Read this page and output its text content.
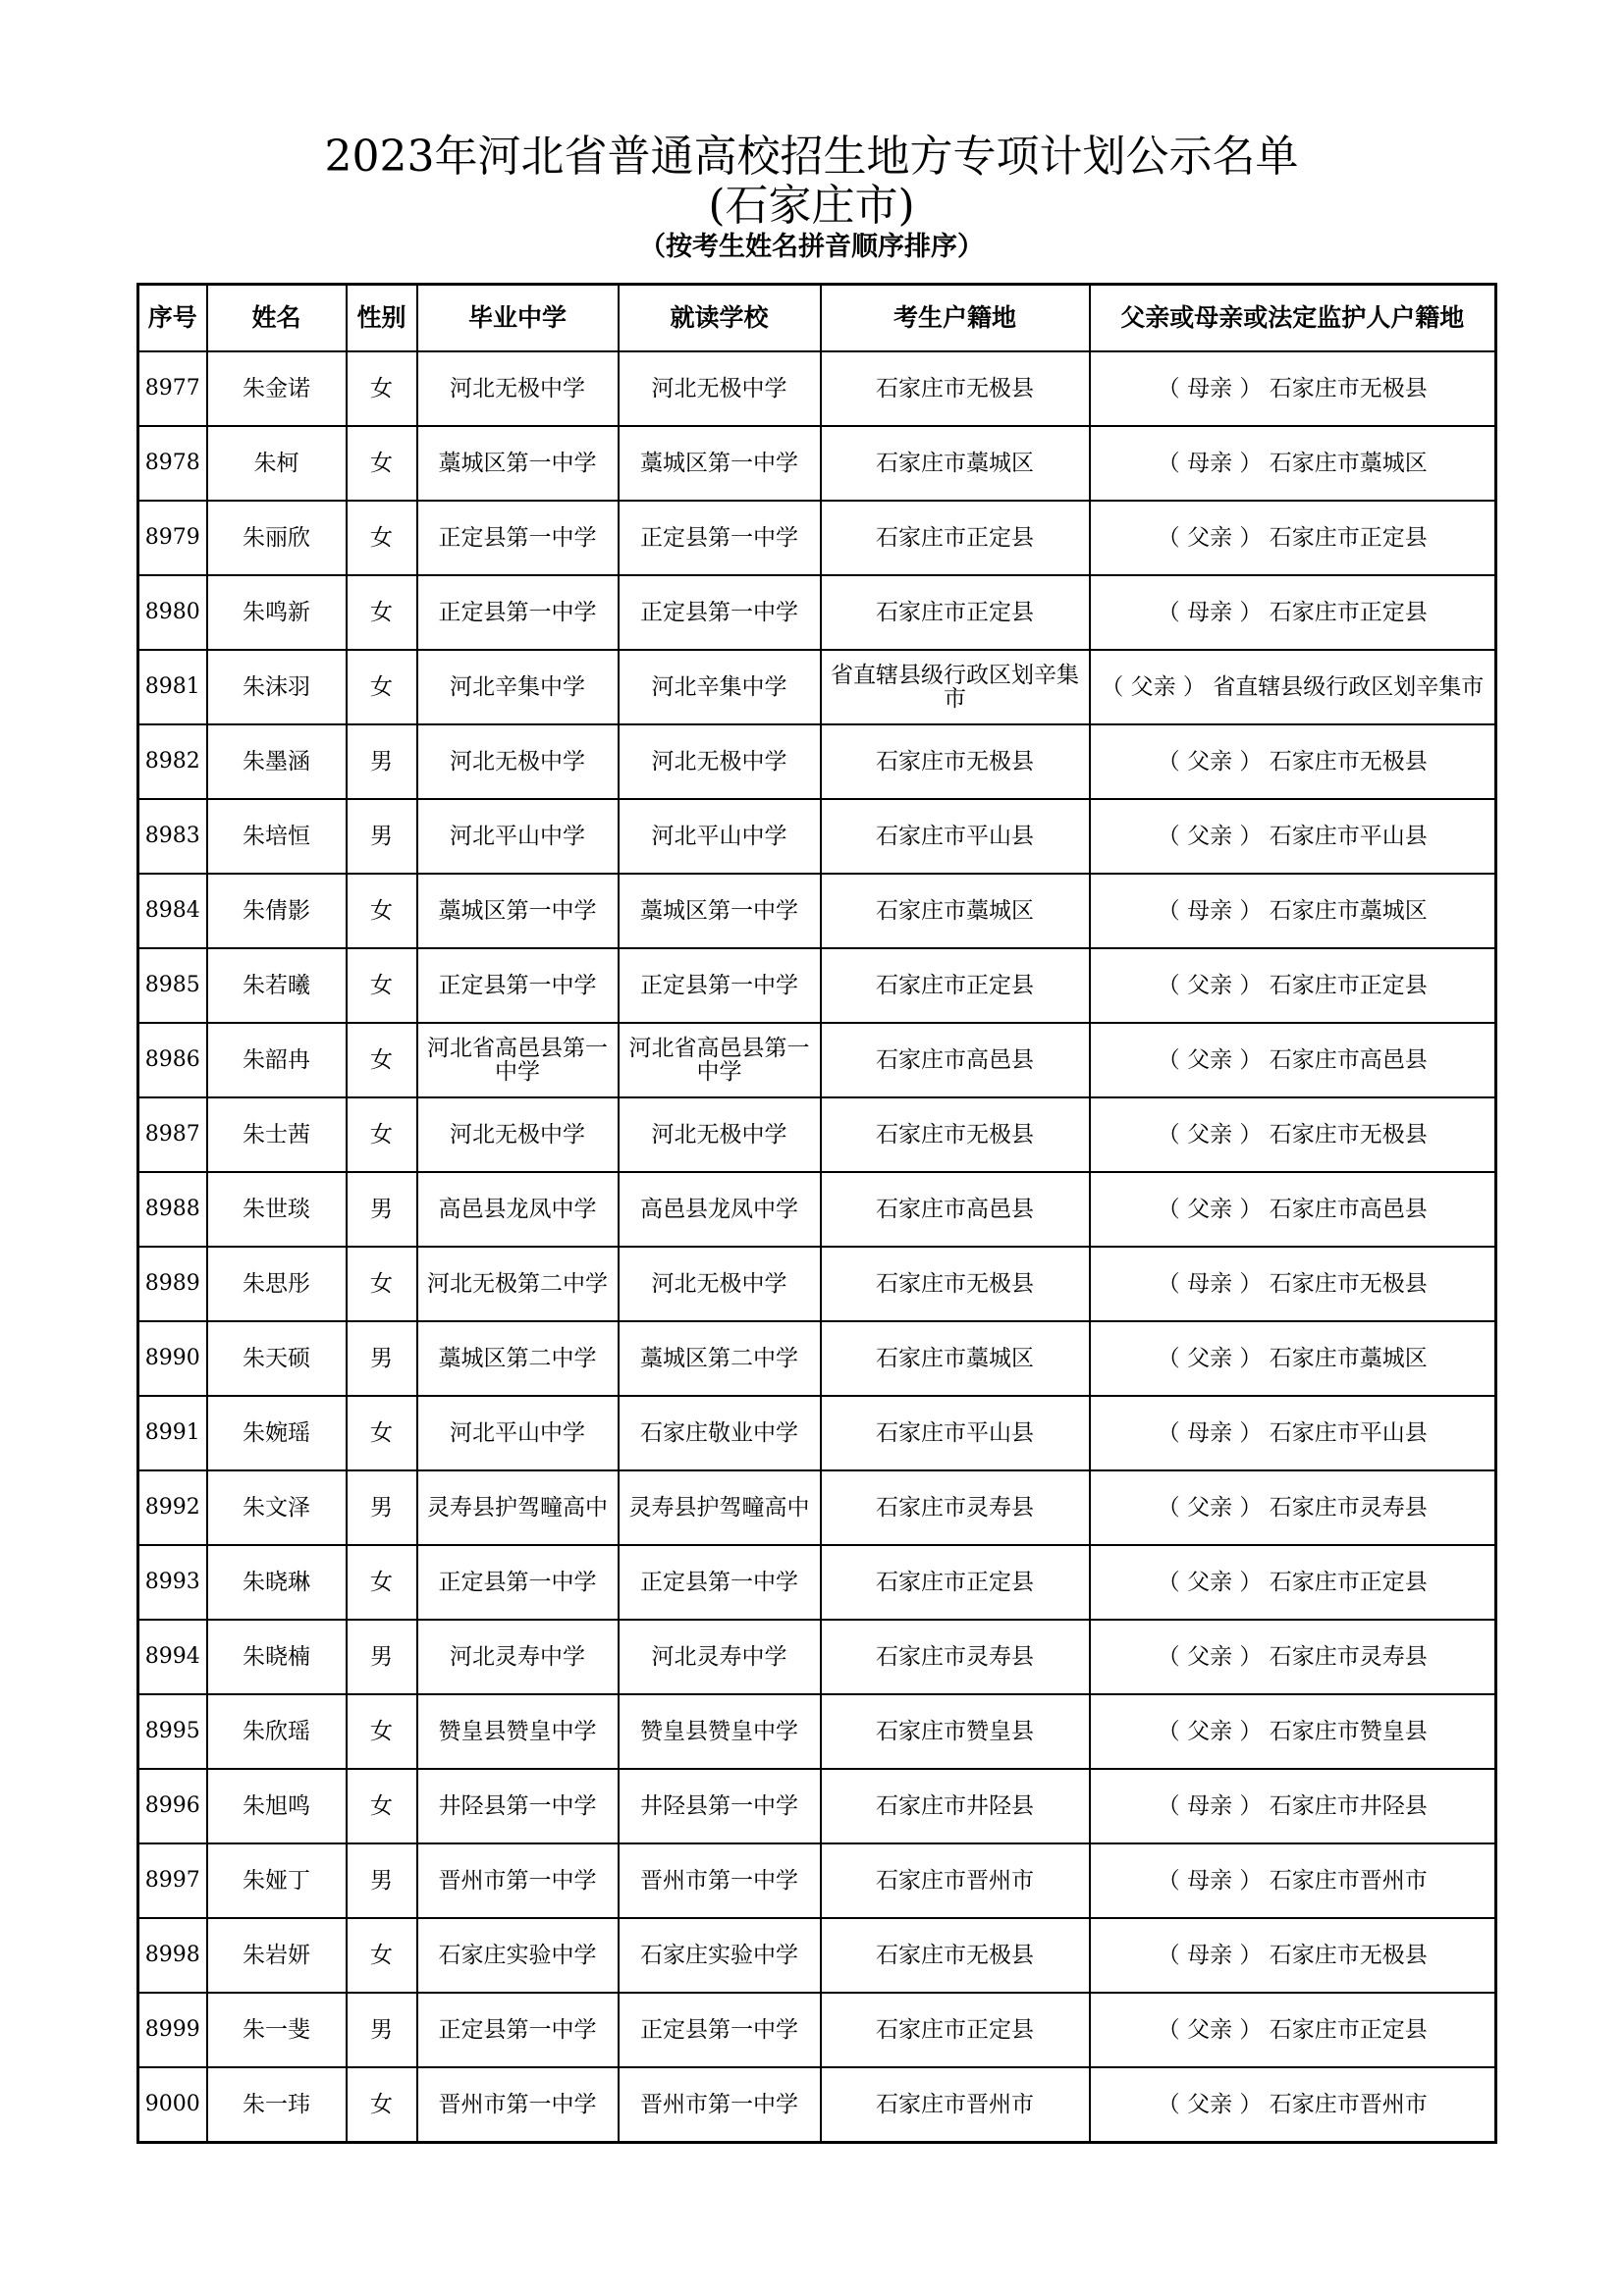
2023年河北省普通高校招生地方专项计划公示名单
(石家庄市)
（按考生姓名拼音顺序排序）
序号	姓名	性别	毕业中学	就读学校	考生户籍地	父亲或母亲或法定监护人户籍地
8977	朱金诺	女	河北无极中学	河北无极中学	石家庄市无极县	（ 母亲 ） 石家庄市无极县
8978	朱柯	女	藁城区第一中学	藁城区第一中学	石家庄市藁城区	（ 母亲 ） 石家庄市藁城区
8979	朱丽欣	女	正定县第一中学	正定县第一中学	石家庄市正定县	（ 父亲 ） 石家庄市正定县
8980	朱鸣新	女	正定县第一中学	正定县第一中学	石家庄市正定县	（ 母亲 ） 石家庄市正定县
8981	朱沫羽	女	河北辛集中学	河北辛集中学	省直辖县级行政区划辛集市	（ 父亲 ） 省直辖县级行政区划辛集市
8982	朱墨涵	男	河北无极中学	河北无极中学	石家庄市无极县	（ 父亲 ） 石家庄市无极县
8983	朱培恒	男	河北平山中学	河北平山中学	石家庄市平山县	（ 父亲 ） 石家庄市平山县
8984	朱倩影	女	藁城区第一中学	藁城区第一中学	石家庄市藁城区	（ 母亲 ） 石家庄市藁城区
8985	朱若曦	女	正定县第一中学	正定县第一中学	石家庄市正定县	（ 父亲 ） 石家庄市正定县
8986	朱韶冉	女	河北省高邑县第一中学	河北省高邑县第一中学	石家庄市高邑县	（ 父亲 ） 石家庄市高邑县
8987	朱士茜	女	河北无极中学	河北无极中学	石家庄市无极县	（ 父亲 ） 石家庄市无极县
8988	朱世琰	男	高邑县龙凤中学	高邑县龙凤中学	石家庄市高邑县	（ 父亲 ） 石家庄市高邑县
8989	朱思彤	女	河北无极第二中学	河北无极中学	石家庄市无极县	（ 母亲 ） 石家庄市无极县
8990	朱天硕	男	藁城区第二中学	藁城区第二中学	石家庄市藁城区	（ 父亲 ） 石家庄市藁城区
8991	朱婉瑶	女	河北平山中学	石家庄敬业中学	石家庄市平山县	（ 母亲 ） 石家庄市平山县
8992	朱文泽	男	灵寿县护驾疃高中	灵寿县护驾疃高中	石家庄市灵寿县	（ 父亲 ） 石家庄市灵寿县
8993	朱晓琳	女	正定县第一中学	正定县第一中学	石家庄市正定县	（ 父亲 ） 石家庄市正定县
8994	朱晓楠	男	河北灵寿中学	河北灵寿中学	石家庄市灵寿县	（ 父亲 ） 石家庄市灵寿县
8995	朱欣瑶	女	赞皇县赞皇中学	赞皇县赞皇中学	石家庄市赞皇县	（ 父亲 ） 石家庄市赞皇县
8996	朱旭鸣	女	井陉县第一中学	井陉县第一中学	石家庄市井陉县	（ 母亲 ） 石家庄市井陉县
8997	朱娅丁	男	晋州市第一中学	晋州市第一中学	石家庄市晋州市	（ 母亲 ） 石家庄市晋州市
8998	朱岩妍	女	石家庄实验中学	石家庄实验中学	石家庄市无极县	（ 母亲 ） 石家庄市无极县
8999	朱一斐	男	正定县第一中学	正定县第一中学	石家庄市正定县	（ 父亲 ） 石家庄市正定县
9000	朱一玮	女	晋州市第一中学	晋州市第一中学	石家庄市晋州市	（ 父亲 ） 石家庄市晋州市
